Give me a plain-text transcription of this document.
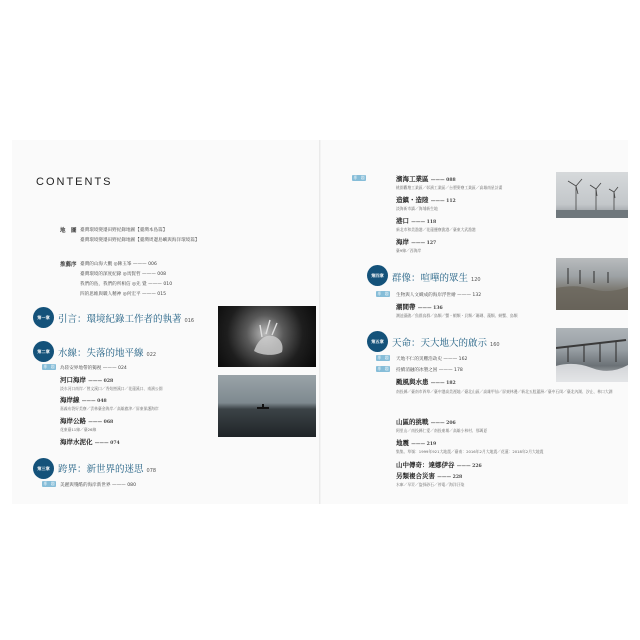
CONTENTS
地　圖 臺灣環境變遷田野紀錄地圖【臺灣本島篇】
臺灣環境變遷田野紀錄地圖【臺灣周邊島嶼與海洋環境篇】
推薦序 臺灣的山海大觀 ◎陳玉峯 ——— 006
臺灣環境的深度紀錄 ◎馬賢哲 ——— 008
我們的島，我們的所相信 ◎先 覺 ——— 010
四的思維與職人精神 ◎何宏平 ——— 015
第一章 引言：環境紀錄工作者的執著 016
第二章 水線：失落的地平線 022
專　題 為陸安界地帶的獨視 ——— 024
河口海岸 ——— 028
淡水河口南岸／曾文溪口／秀姑巒溪口／花蓮溪口、南濱公園
海岸線 ——— 048
嘉義布袋好美寮／雲林臺金海岸／高雄旗津／屏東保護海岸
海岸公路 ——— 068
花東臺11線／臺26線
海岸水泥化 ——— 074
第三章 跨界：新世界的迷思 078
專　題 美麗與殘酷的海岸新世界 ——— 080
專　題	濱海工業區 ——— 088
桃園觀塘工業區／彰濱工業區／台塑麥寮工業區／高雄南星計畫
造鎮・造陸 ——— 112
淡海新市鎮／海埔新生地
港口 ——— 118
新北市和美漁港／花蓮鹽寮漁港／臺東大武漁港
海岸 ——— 127
臺9線／西海岸
第四章 群像：喧嘩的眾生 120
專　題 生物與人文織成的海岸浮世繪 ——— 132
潮間帶 ——— 136
潮池藻礁／魚群鳥群／鳥類／蟹・蝦類・貝類／珊瑚、藻類、螃蟹、鳥類
第五章 天命：天大地大的啟示 160
專　題 天地不仁的災難浩劫史 ——— 162
專　題 持續消融的冰墾之困 ——— 178
颱風與水患 ——— 182
南投縣／臺南市四草／臺中港高美溼地／臺北山區／高雄甲仙／屏東林邊／新北五股蘆洲／臺中石岡／臺北內湖、汐止、林口大湖
山區的挑戰 ——— 206
阿里山／南投縣仁愛／南投東埔／高雄小林村、那瑪夏
地震 ——— 219
集集、草嶺：1999年921大地震／臺南：2016年2月大地震／花蓮：2018年2月大地震
山中傳奇：達娜伊谷 ——— 226
另類複合災害 ——— 228
水庫／旱災／盜採砂石／停電／海洋汙染
